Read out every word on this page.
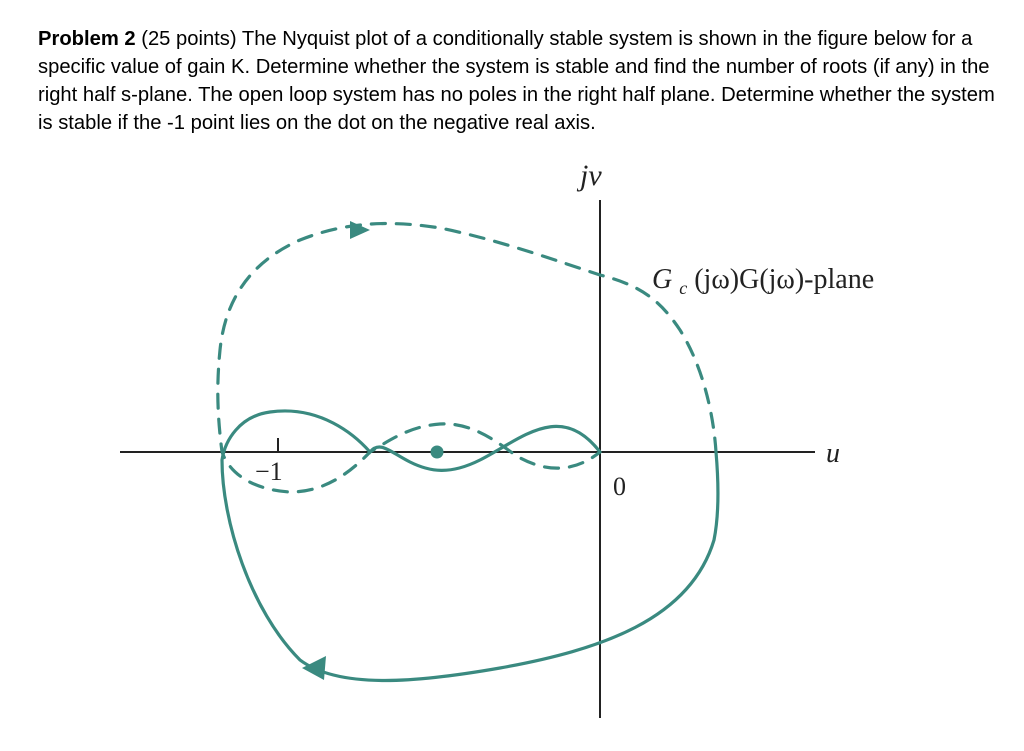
Problem 2 (25 points) The Nyquist plot of a conditionally stable system is shown in the figure below for a specific value of gain K. Determine whether the system is stable and find the number of roots (if any) in the right half s-plane. The open loop system has no poles in the right half plane. Determine whether the system is stable if the -1 point lies on the dot on the negative real axis.
jv
u
0
−1
G $_c$ (jω)G(jω)-plane
